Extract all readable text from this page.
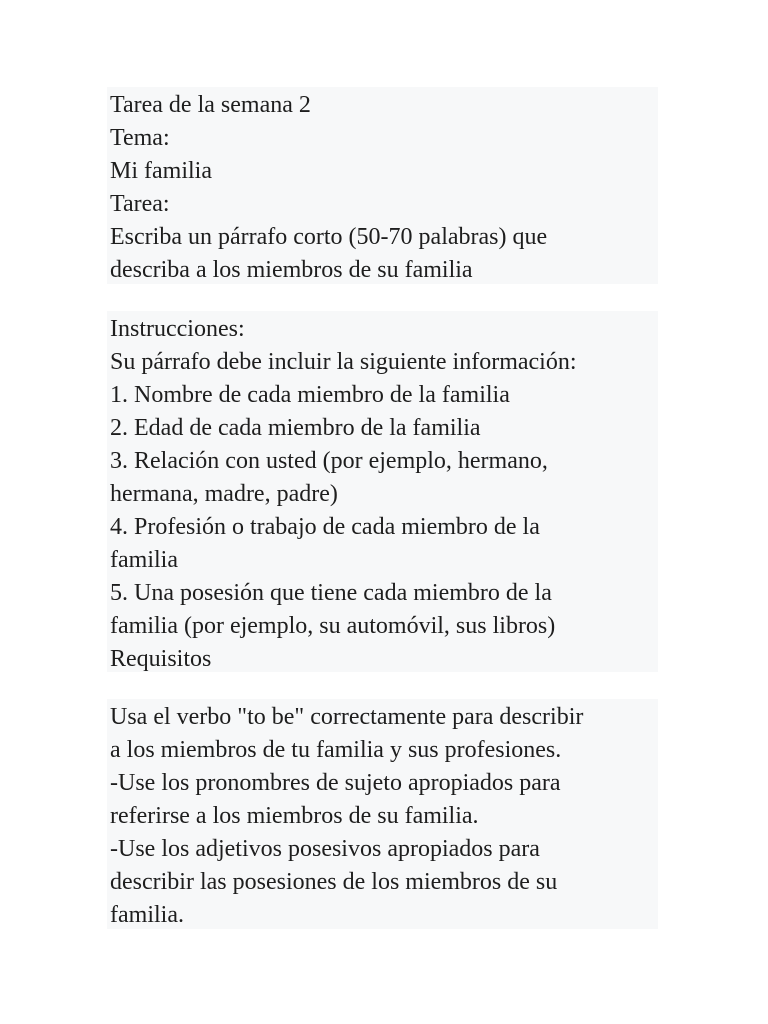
Tarea de la semana 2
Tema:
Mi familia
Tarea:
Escriba un párrafo corto (50-70 palabras) que
describa a los miembros de su familia
Instrucciones:
Su párrafo debe incluir la siguiente información:
1. Nombre de cada miembro de la familia
2. Edad de cada miembro de la familia
3. Relación con usted (por ejemplo, hermano,
hermana, madre, padre)
4. Profesión o trabajo de cada miembro de la
familia
5. Una posesión que tiene cada miembro de la
familia (por ejemplo, su automóvil, sus libros)
Requisitos
Usa el verbo "to be" correctamente para describir
a los miembros de tu familia y sus profesiones.
-Use los pronombres de sujeto apropiados para
referirse a los miembros de su familia.
-Use los adjetivos posesivos apropiados para
describir las posesiones de los miembros de su
familia.
